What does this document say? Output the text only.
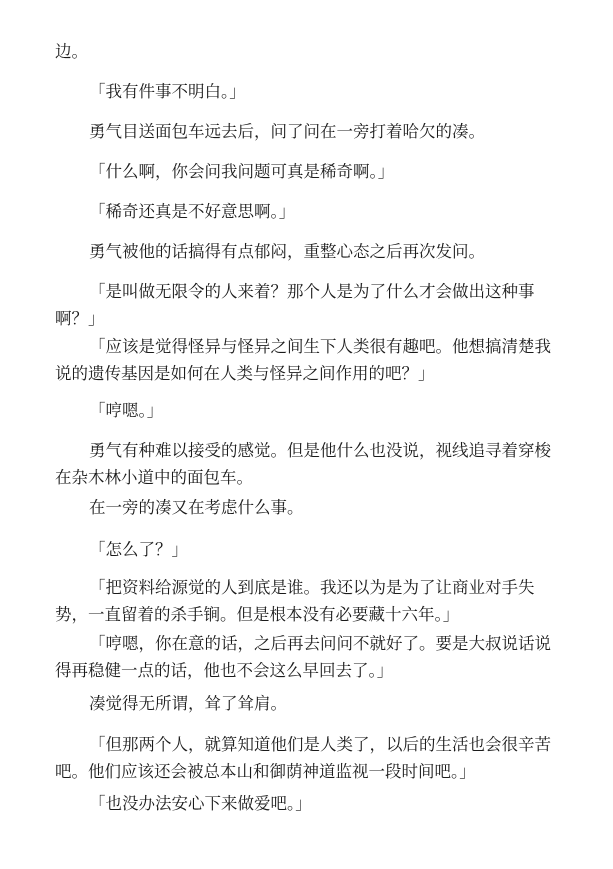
边。

「我有件事不明白。」

勇气目送面包车远去后，问了问在一旁打着哈欠的凑。

「什么啊，你会问我问题可真是稀奇啊。」

「稀奇还真是不好意思啊。」

勇气被他的话搞得有点郁闷，重整心态之后再次发问。

「是叫做无限令的人来着？那个人是为了什么才会做出这种事啊？」

「应该是觉得怪异与怪异之间生下人类很有趣吧。他想搞清楚我说的遗传基因是如何在人类与怪异之间作用的吧？」

「哼嗯。」

勇气有种难以接受的感觉。但是他什么也没说，视线追寻着穿梭在杂木林小道中的面包车。

在一旁的凑又在考虑什么事。

「怎么了？」

「把资料给源觉的人到底是谁。我还以为是为了让商业对手失势，一直留着的杀手锏。但是根本没有必要藏十六年。」

「哼嗯，你在意的话，之后再去问问不就好了。要是大叔说话说得再稳健一点的话，他也不会这么早回去了。」

凑觉得无所谓，耸了耸肩。

「但那两个人，就算知道他们是人类了，以后的生活也会很辛苦吧。他们应该还会被总本山和御荫神道监视一段时间吧。」

「也没办法安心下来做爱吧。」
